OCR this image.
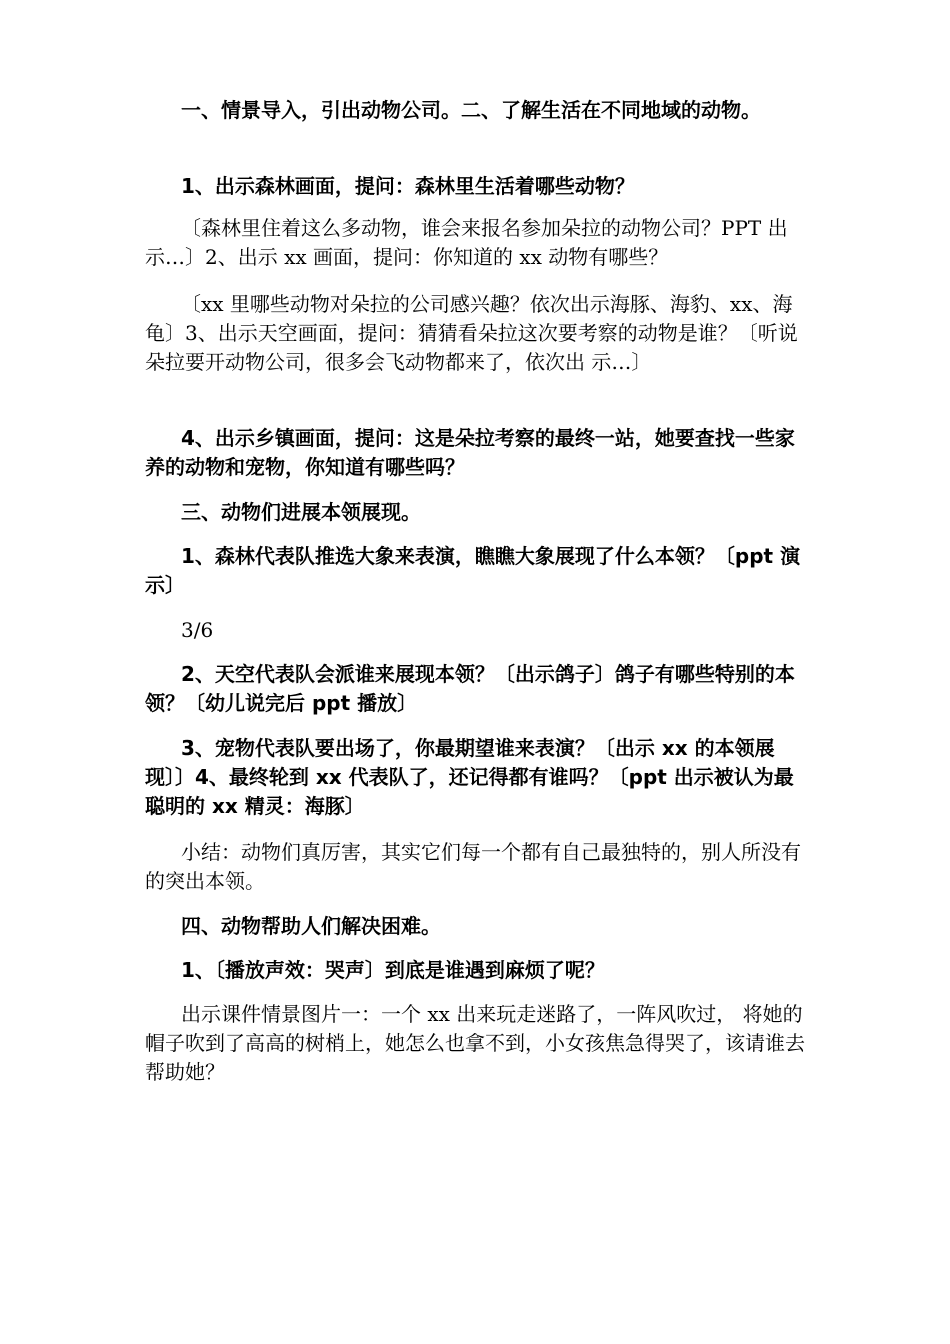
一、情景导入，引出动物公司。二、了解生活在不同地域的动物。

1、出示森林画面，提问：森林里生活着哪些动物？

〔森林里住着这么多动物，谁会来报名参加朵拉的动物公司？PPT 出示…〕2、出示 xx 画面，提问：你知道的 xx 动物有哪些？

〔xx 里哪些动物对朵拉的公司感兴趣？依次出示海豚、海豹、xx、海龟〕3、出示天空画面，提问：猜猜看朵拉这次要考察的动物是谁？〔听说朵拉要开动物公司，很多会飞动物都来了，依次出 示…〕

4、出示乡镇画面，提问：这是朵拉考察的最终一站，她要查找一些家养的动物和宠物，你知道有哪些吗？

三、动物们进展本领展现。

1、森林代表队推选大象来表演，瞧瞧大象展现了什么本领？〔ppt 演示〕

3/6

2、天空代表队会派谁来展现本领？〔出示鸽子〕鸽子有哪些特别的本领？〔幼儿说完后 ppt 播放〕

3、宠物代表队要出场了，你最期望谁来表演？〔出示 xx 的本领展现〕〕4、最终轮到 xx 代表队了，还记得都有谁吗？〔ppt 出示被认为最聪明的 xx 精灵：海豚〕

小结：动物们真厉害，其实它们每一个都有自己最独特的，别人所没有的突出本领。

四、动物帮助人们解决困难。

1、〔播放声效：哭声〕到底是谁遇到麻烦了呢？

出示课件情景图片一：一个 xx 出来玩走迷路了，一阵风吹过， 将她的帽子吹到了高高的树梢上，她怎么也拿不到，小女孩焦急得哭了，该请谁去帮助她？
